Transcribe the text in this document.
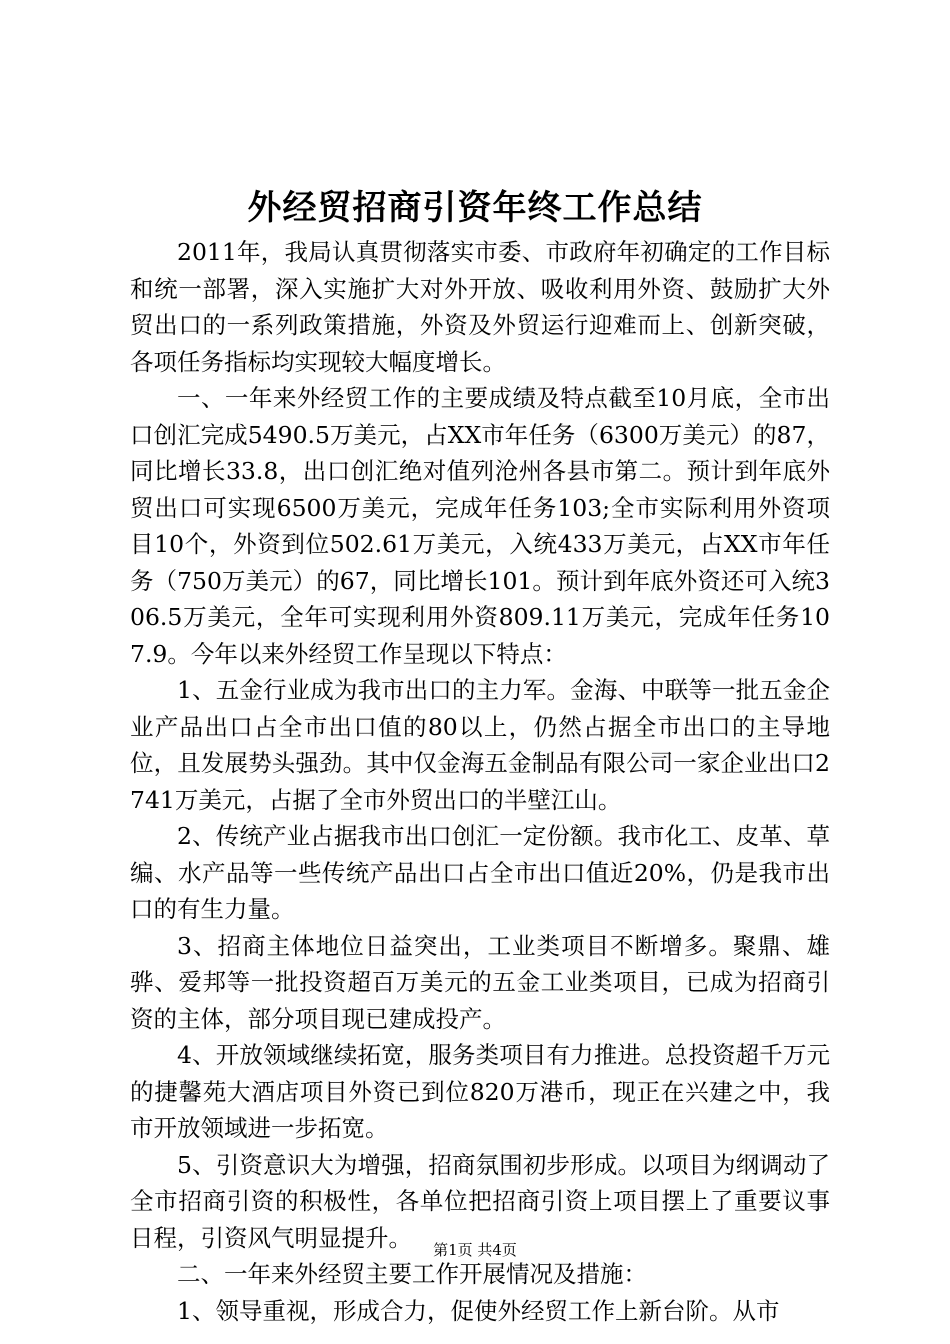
外经贸招商引资年终工作总结

2011年，我局认真贯彻落实市委、市政府年初确定的工作目标和统一部署，深入实施扩大对外开放、吸收利用外资、鼓励扩大外贸出口的一系列政策措施，外资及外贸运行迎难而上、创新突破，各项任务指标均实现较大幅度增长。

一、一年来外经贸工作的主要成绩及特点截至10月底，全市出口创汇完成5490.5万美元，占XX市年任务（6300万美元）的87，同比增长33.8，出口创汇绝对值列沧州各县市第二。预计到年底外贸出口可实现6500万美元，完成年任务103;全市实际利用外资项目10个，外资到位502.61万美元，入统433万美元，占XX市年任务（750万美元）的67，同比增长101。预计到年底外资还可入统306.5万美元，全年可实现利用外资809.11万美元，完成年任务107.9。今年以来外经贸工作呈现以下特点：

1、五金行业成为我市出口的主力军。金海、中联等一批五金企业产品出口占全市出口值的80以上，仍然占据全市出口的主导地位，且发展势头强劲。其中仅金海五金制品有限公司一家企业出口2741万美元，占据了全市外贸出口的半壁江山。

2、传统产业占据我市出口创汇一定份额。我市化工、皮革、草编、水产品等一些传统产品出口占全市出口值近20%，仍是我市出口的有生力量。

3、招商主体地位日益突出，工业类项目不断增多。聚鼎、雄骅、爱邦等一批投资超百万美元的五金工业类项目，已成为招商引资的主体，部分项目现已建成投产。

4、开放领域继续拓宽，服务类项目有力推进。总投资超千万元的捷馨苑大酒店项目外资已到位820万港币，现正在兴建之中，我市开放领域进一步拓宽。

5、引资意识大为增强，招商氛围初步形成。以项目为纲调动了全市招商引资的积极性，各单位把招商引资上项目摆上了重要议事日程，引资风气明显提升。

二、一年来外经贸主要工作开展情况及措施：

1、领导重视，形成合力，促使外经贸工作上新台阶。从市

第1页 共4页
